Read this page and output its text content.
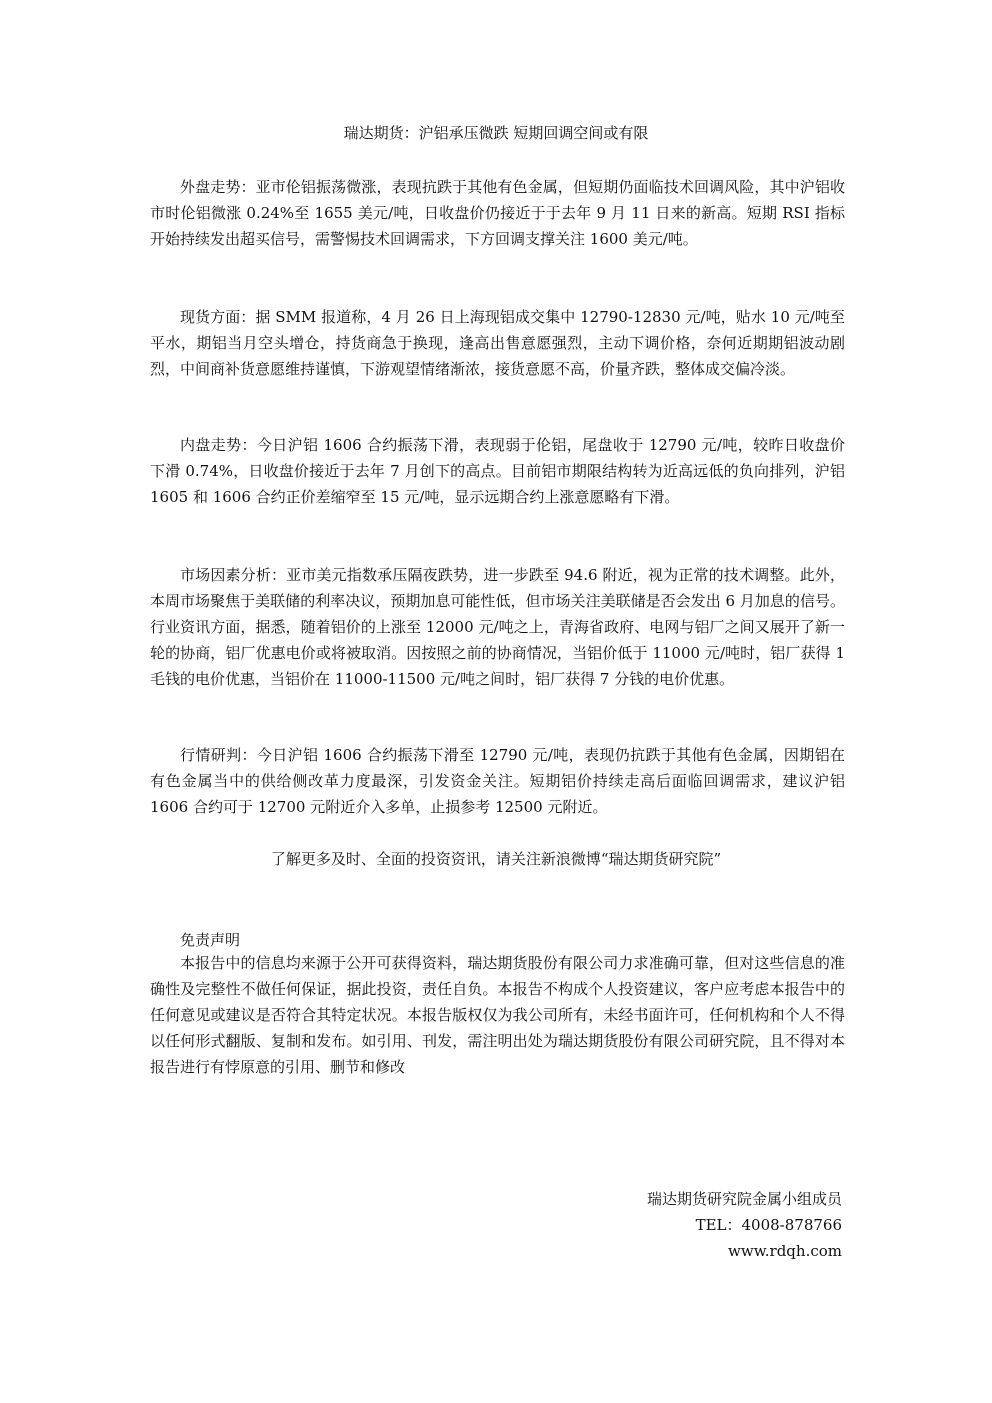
瑞达期货：沪铝承压微跌 短期回调空间或有限

外盘走势：亚市伦铝振荡微涨，表现抗跌于其他有色金属，但短期仍面临技术回调风险，其中沪铝收市时伦铝微涨 0.24%至 1655 美元/吨，日收盘价仍接近于于去年 9 月 11 日来的新高。短期 RSI 指标开始持续发出超买信号，需警惕技术回调需求，下方回调支撑关注 1600 美元/吨。

现货方面：据 SMM 报道称，4 月 26 日上海现铝成交集中 12790-12830 元/吨，贴水 10 元/吨至平水，期铝当月空头增仓，持货商急于换现，逢高出售意愿强烈，主动下调价格，奈何近期期铝波动剧烈，中间商补货意愿维持谨慎，下游观望情绪渐浓，接货意愿不高，价量齐跌，整体成交偏冷淡。

内盘走势：今日沪铝 1606 合约振荡下滑，表现弱于伦铝，尾盘收于 12790 元/吨，较昨日收盘价下滑 0.74%，日收盘价接近于去年 7 月创下的高点。目前铝市期限结构转为近高远低的负向排列，沪铝 1605 和 1606 合约正价差缩窄至 15 元/吨，显示远期合约上涨意愿略有下滑。

市场因素分析：亚市美元指数承压隔夜跌势，进一步跌至 94.6 附近，视为正常的技术调整。此外，本周市场聚焦于美联储的利率决议，预期加息可能性低，但市场关注美联储是否会发出 6 月加息的信号。行业资讯方面，据悉，随着铝价的上涨至 12000 元/吨之上，青海省政府、电网与铝厂之间又展开了新一轮的协商，铝厂优惠电价或将被取消。因按照之前的协商情况，当铝价低于 11000 元/吨时，铝厂获得 1 毛钱的电价优惠，当铝价在 11000-11500 元/吨之间时，铝厂获得 7 分钱的电价优惠。

行情研判：今日沪铝 1606 合约振荡下滑至 12790 元/吨，表现仍抗跌于其他有色金属，因期铝在有色金属当中的供给侧改革力度最深，引发资金关注。短期铝价持续走高后面临回调需求，建议沪铝 1606 合约可于 12700 元附近介入多单，止损参考 12500 元附近。

了解更多及时、全面的投资资讯，请关注新浪微博“瑞达期货研究院”
免责声明

本报告中的信息均来源于公开可获得资料，瑞达期货股份有限公司力求准确可靠，但对这些信息的准确性及完整性不做任何保证，据此投资，责任自负。本报告不构成个人投资建议，客户应考虑本报告中的任何意见或建议是否符合其特定状况。本报告版权仅为我公司所有，未经书面许可，任何机构和个人不得以任何形式翻版、复制和发布。如引用、刊发，需注明出处为瑞达期货股份有限公司研究院，且不得对本报告进行有悖原意的引用、删节和修改

瑞达期货研究院金属小组成员
TEL：4008-878766
www.rdqh.com
